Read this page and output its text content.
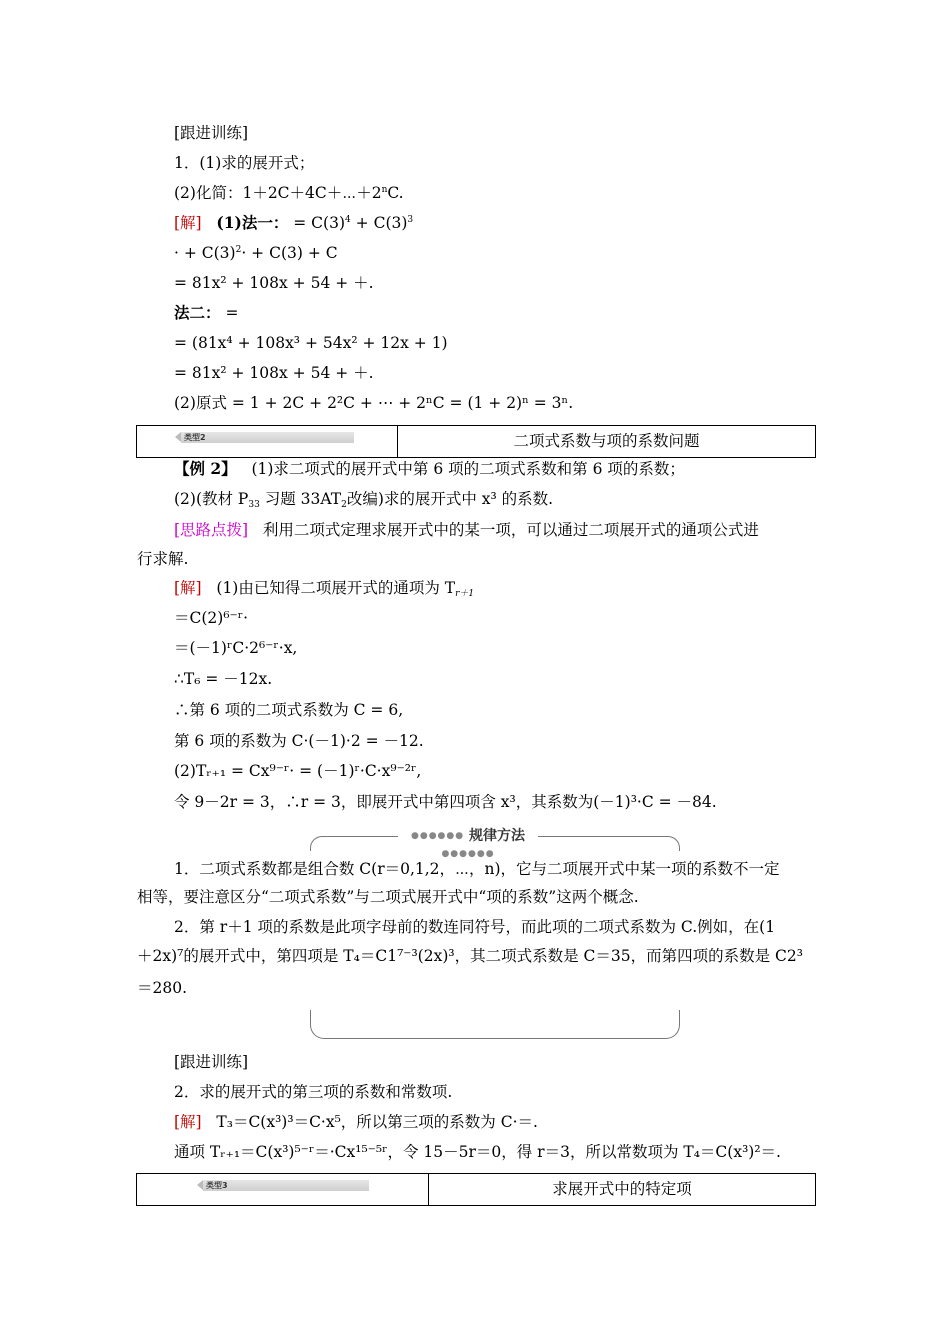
[跟进训练]
1．(1)求的展开式；
(2)化简：$1+2C+4C+\cdots+2^nC$.
[解] (1)法一： = $C(3)^4 + C(3)^3$
· + $C(3)^2\cdot + C(3) + C$
= 81x² + 108x + 54 + ＋.
法二： =
= (81x⁴ + 108x³ + 54x² + 12x + 1)
= 81x² + 108x + 54 + ＋.
(2)原式 = 1 + 2C + 2²C + ⋯ + 2ⁿC = (1 + 2)ⁿ = 3ⁿ.
类型2	二项式系数与项的系数问题
【例 2】 (1)求二项式的展开式中第 6 项的二项式系数和第 6 项的系数；
(2)(教材 $P_{33}$ 习题 $33AT_2$改编)求的展开式中 x³ 的系数.
[思路点拨] 利用二项式定理求展开式中的某一项，可以通过二项展开式的通项公式进
行求解.
[解] (1)由已知得二项展开式的通项为 $T_{r+1}$
＝C(2)⁶⁻ʳ·
＝(－1)ʳC·2⁶⁻ʳ·x,
∴T₆ = －12x.
∴第 6 项的二项式系数为 C = 6,
第 6 项的系数为 C·(－1)·2 = －12.
(2)Tᵣ₊₁ = Cx⁹⁻ʳ· = (－1)ʳ·C·x⁹⁻²ʳ,
令 9－2r = 3，∴r = 3，即展开式中第四项含 x³，其系数为(－1)³·C = －84.
●●●●●● 规律方法 ●●●●●●
1．二项式系数都是组合数 C(r＝0,1,2，⋯，n)，它与二项展开式中某一项的系数不一定
相等，要注意区分“二项式系数”与二项式展开式中“项的系数”这两个概念.
2．第 r＋1 项的系数是此项字母前的数连同符号，而此项的二项式系数为 C.例如，在(1
＋2x)⁷的展开式中，第四项是 T₄＝C1⁷⁻³(2x)³，其二项式系数是 C＝35，而第四项的系数是 C2³
＝280.
[跟进训练]
2．求的展开式的第三项的系数和常数项.
[解] T₃＝C(x³)³＝C·x⁵，所以第三项的系数为 C·＝.
通项 Tᵣ₊₁＝C(x³)⁵⁻ʳ＝·Cx¹⁵⁻⁵ʳ，令 15－5r＝0，得 r＝3，所以常数项为 T₄＝C(x³)²＝.
类型3	求展开式中的特定项
